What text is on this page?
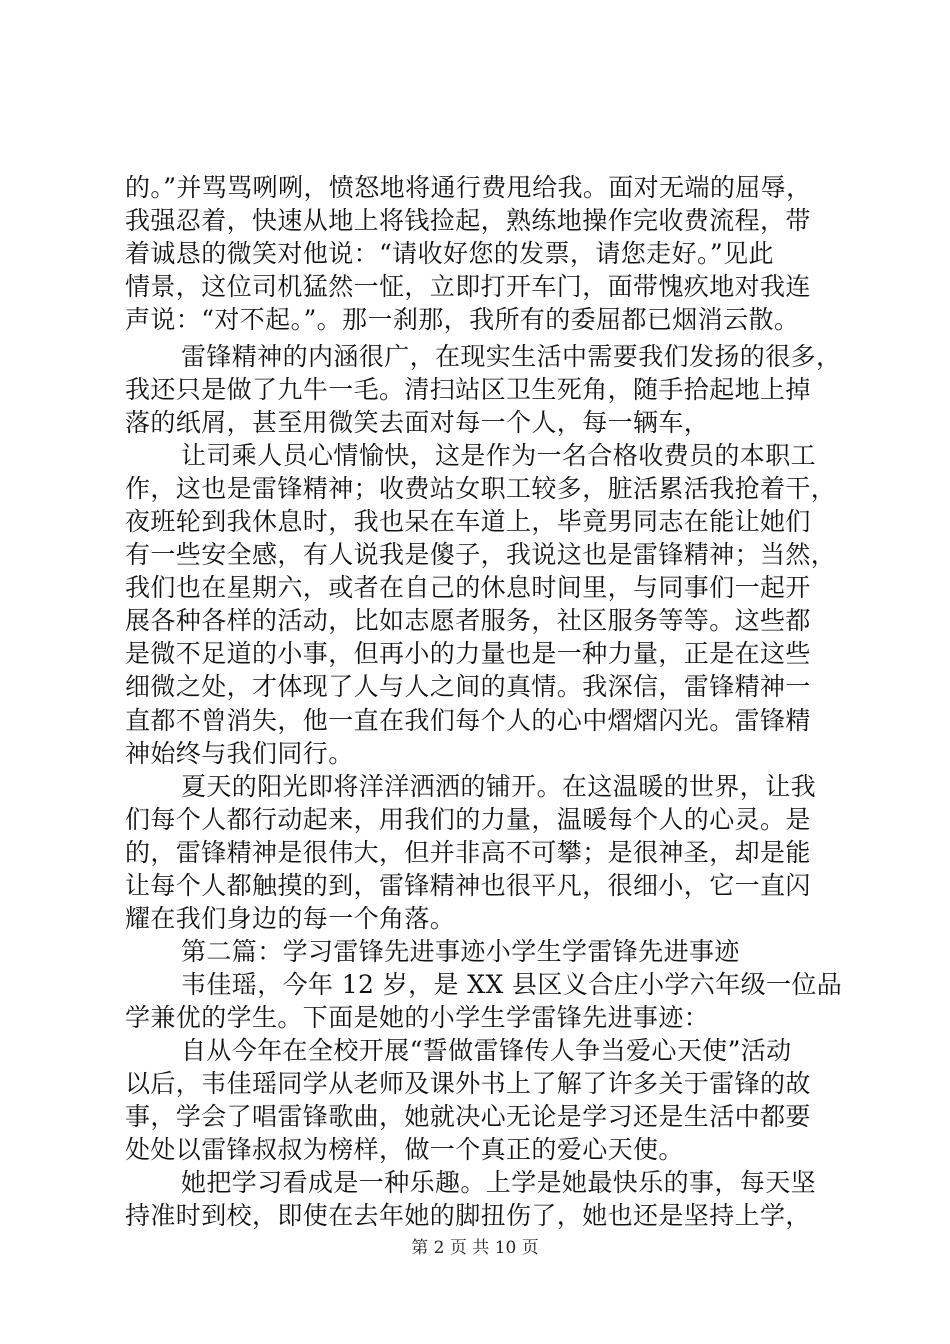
的。”并骂骂咧咧，愤怒地将通行费甩给我。面对无端的屈辱，
我强忍着，快速从地上将钱捡起，熟练地操作完收费流程，带
着诚恳的微笑对他说：“请收好您的发票，请您走好。”见此
情景，这位司机猛然一怔，立即打开车门，面带愧疚地对我连
声说：“对不起。”。那一刹那，我所有的委屈都已烟消云散。
雷锋精神的内涵很广，在现实生活中需要我们发扬的很多，
我还只是做了九牛一毛。清扫站区卫生死角，随手拾起地上掉
落的纸屑，甚至用微笑去面对每一个人，每一辆车，
让司乘人员心情愉快，这是作为一名合格收费员的本职工
作，这也是雷锋精神；收费站女职工较多，脏活累活我抢着干，
夜班轮到我休息时，我也呆在车道上，毕竟男同志在能让她们
有一些安全感，有人说我是傻子，我说这也是雷锋精神；当然，
我们也在星期六，或者在自己的休息时间里，与同事们一起开
展各种各样的活动，比如志愿者服务，社区服务等等。这些都
是微不足道的小事，但再小的力量也是一种力量，正是在这些
细微之处，才体现了人与人之间的真情。我深信，雷锋精神一
直都不曾消失，他一直在我们每个人的心中熠熠闪光。雷锋精
神始终与我们同行。
夏天的阳光即将洋洋洒洒的铺开。在这温暖的世界，让我
们每个人都行动起来，用我们的力量，温暖每个人的心灵。是
的，雷锋精神是很伟大，但并非高不可攀；是很神圣，却是能
让每个人都触摸的到，雷锋精神也很平凡，很细小，它一直闪
耀在我们身边的每一个角落。
第二篇：学习雷锋先进事迹小学生学雷锋先进事迹
韦佳瑶，今年 12 岁，是 XX 县区义合庄小学六年级一位品
学兼优的学生。下面是她的小学生学雷锋先进事迹：
自从今年在全校开展“誓做雷锋传人争当爱心天使”活动
以后，韦佳瑶同学从老师及课外书上了解了许多关于雷锋的故
事，学会了唱雷锋歌曲，她就决心无论是学习还是生活中都要
处处以雷锋叔叔为榜样，做一个真正的爱心天使。
她把学习看成是一种乐趣。上学是她最快乐的事，每天坚
持准时到校，即使在去年她的脚扭伤了，她也还是坚持上学，
第 2 页 共 10 页
